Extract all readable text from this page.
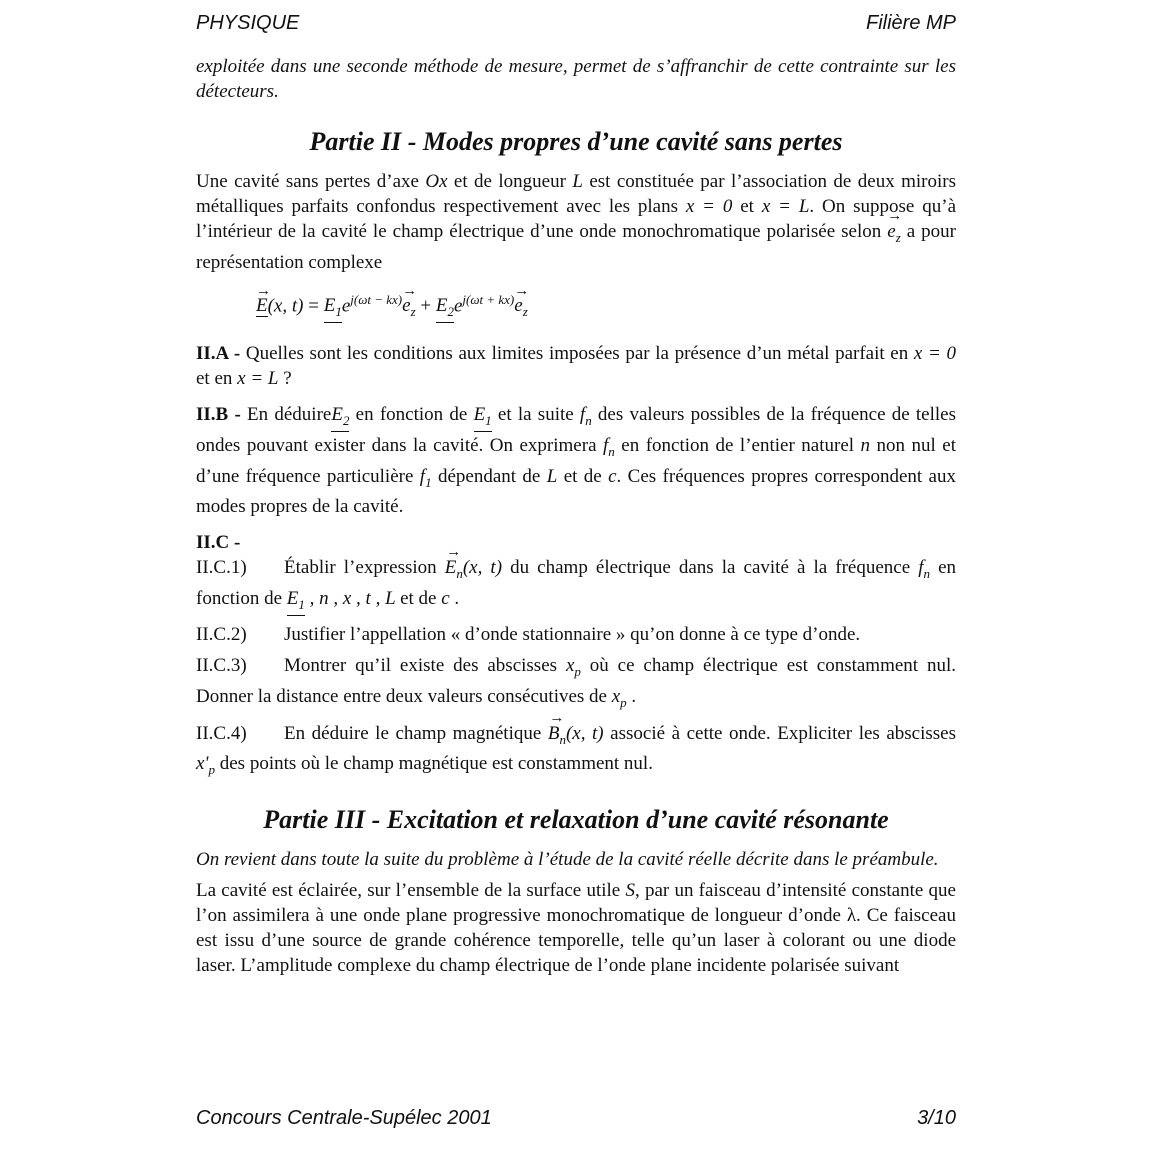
PHYSIQUE	Filière MP

exploitée dans une seconde méthode de mesure, permet de s’affranchir de cette contrainte sur les détecteurs.

Partie II - Modes propres d’une cavité sans pertes

Une cavité sans pertes d’axe Ox et de longueur L est constituée par l’association de deux miroirs métalliques parfaits confondus respectivement avec les plans x = 0 et x = L. On suppose qu’à l’intérieur de la cavité le champ électrique d’une onde monochromatique polarisée selon → $e_z$ a pour représentation complexe

→ E(x, $t) = E_1e^{j(\omega t - kx)}\to e_z + E_2e^{j(\omega t + kx)}\to e_z$

II.A - Quelles sont les conditions aux limites imposées par la présence d’un métal parfait en x = 0 et en x = L ?

II.B - En déduireE$_2$ en fonction de $E_1$ et la suite $f_n$ des valeurs possibles de la fréquence de telles ondes pouvant exister dans la cavité. On exprimera $f_n$ en fonction de l’entier naturel n non nul et d’une fréquence particulière $f_1$ dépendant de L et de c. Ces fréquences propres correspondent aux modes propres de la cavité.

II.C -

II.C.1) Établir l’expression → $E_n(x$, t) du champ électrique dans la cavité à la fréquence $f_n$ en fonction de $E_1$ , n , x , t , L et de c .

II.C.2) Justifier l’appellation « d’onde stationnaire » qu’on donne à ce type d’onde.

II.C.3) Montrer qu’il existe des abscisses $x_p$ où ce champ électrique est constamment nul. Donner la distance entre deux valeurs consécutives de $x_p$ .

II.C.4) En déduire le champ magnétique → $B_n(x$, t) associé à cette onde. Expliciter les abscisses $x'_p$ des points où le champ magnétique est constamment nul.

Partie III - Excitation et relaxation d’une cavité résonante

On revient dans toute la suite du problème à l’étude de la cavité réelle décrite dans le préambule.

La cavité est éclairée, sur l’ensemble de la surface utile S, par un faisceau d’intensité constante que l’on assimilera à une onde plane progressive monochromatique de longueur d’onde λ. Ce faisceau est issu d’une source de grande cohérence temporelle, telle qu’un laser à colorant ou une diode laser. L’amplitude complexe du champ électrique de l’onde plane incidente polarisée suivant

Concours Centrale-Supélec 2001	3/10
